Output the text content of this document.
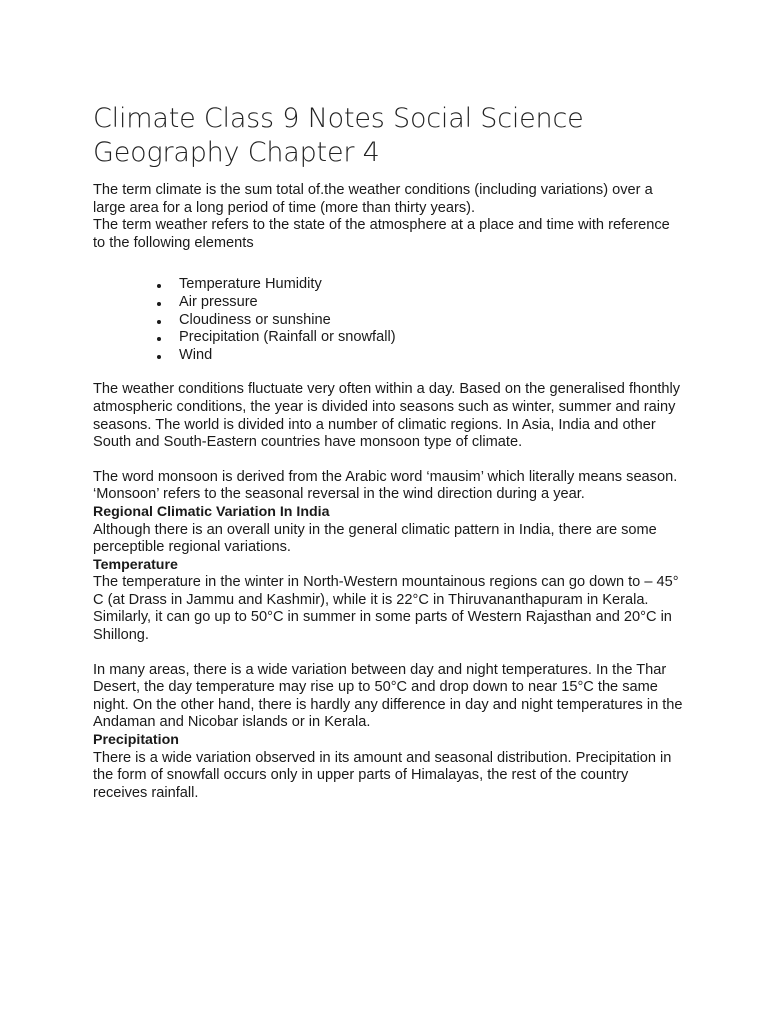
Climate Class 9 Notes Social Science Geography Chapter 4

The term climate is the sum total of.the weather conditions (including variations) over a large area for a long period of time (more than thirty years).

The term weather refers to the state of the atmosphere at a place and time with reference to the following elements

Temperature Humidity
Air pressure
Cloudiness or sunshine
Precipitation (Rainfall or snowfall)
Wind

The weather conditions fluctuate very often within a day. Based on the generalised fhonthly atmospheric conditions, the year is divided into seasons such as winter, summer and rainy seasons. The world is divided into a number of climatic regions. In Asia, India and other South and South-Eastern countries have monsoon type of climate.

The word monsoon is derived from the Arabic word ‘mausim’ which literally means season. ‘Monsoon’ refers to the seasonal reversal in the wind direction during a year.

Regional Climatic Variation In India

Although there is an overall unity in the general climatic pattern in India, there are some perceptible regional variations.

Temperature

The temperature in the winter in North-Western mountainous regions can go down to – 45° C (at Drass in Jammu and Kashmir), while it is 22°C in Thiruvananthapuram in Kerala. Similarly, it can go up to 50°C in summer in some parts of Western Rajasthan and 20°C in Shillong.

In many areas, there is a wide variation between day and night temperatures. In the Thar Desert, the day temperature may rise up to 50°C and drop down to near 15°C the same night. On the other hand, there is hardly any difference in day and night temperatures in the Andaman and Nicobar islands or in Kerala.

Precipitation

There is a wide variation observed in its amount and seasonal distribution. Precipitation in the form of snowfall occurs only in upper parts of Himalayas, the rest of the country receives rainfall.
